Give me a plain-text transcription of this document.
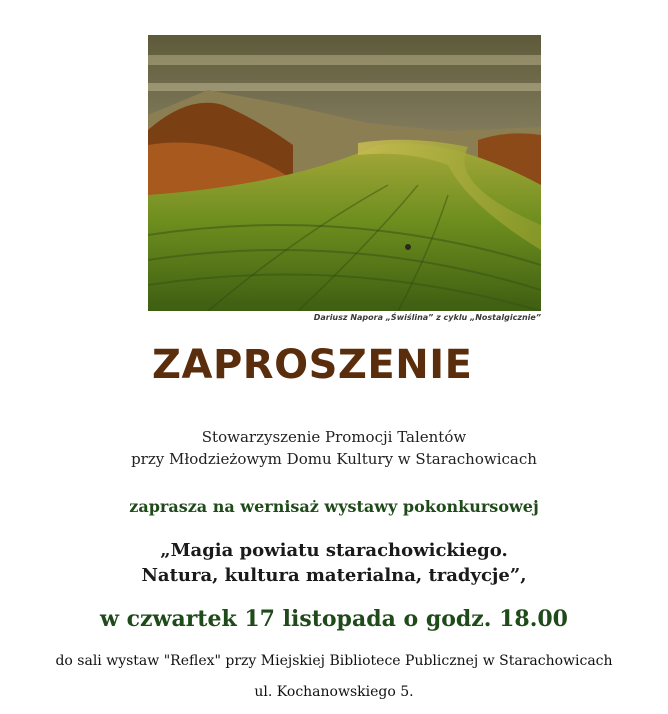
Dariusz Napora „Świślina” z cyklu „Nostalgicznie”
ZAPROSZENIE
Stowarzyszenie Promocji Talentów
przy Młodzieżowym Domu Kultury w Starachowicach
zaprasza na wernisaż wystawy pokonkursowej
„Magia powiatu starachowickiego.
Natura, kultura materialna, tradycje”,
w czwartek 17 listopada o godz. 18.00
do sali wystaw "Reflex" przy Miejskiej Bibliotece Publicznej w Starachowicach
ul. Kochanowskiego 5.
